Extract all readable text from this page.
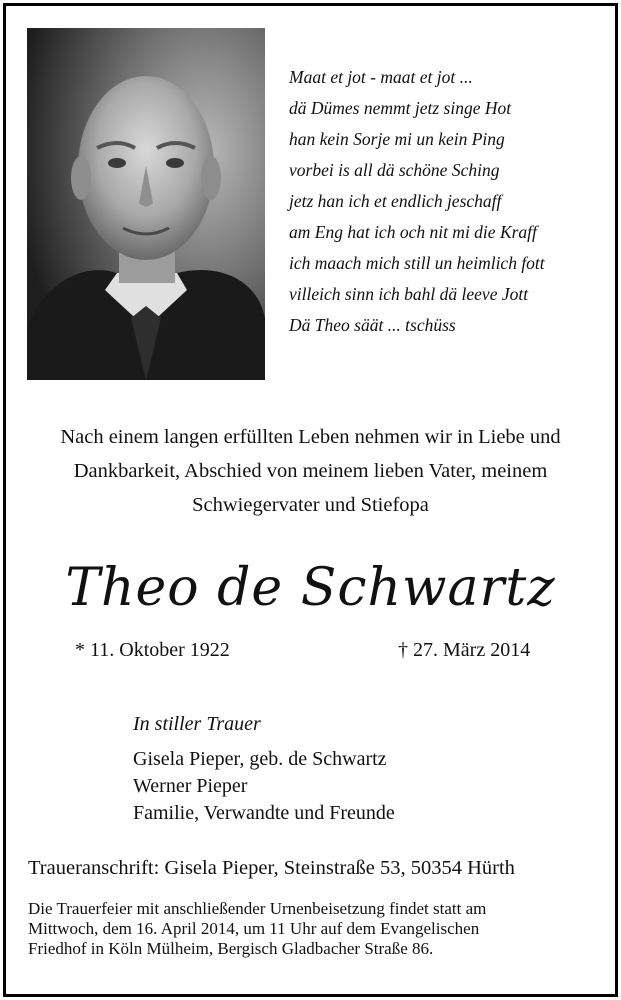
Maat et jot - maat et jot ...
dä Dümes nemmt jetz singe Hot
han kein Sorje mi un kein Ping
vorbei is all dä schöne Sching
jetz han ich et endlich jeschaff
am Eng hat ich och nit mi die Kraff
ich maach mich still un heimlich fott
villeich sinn ich bahl dä leeve Jott
Dä Theo säät ... tschüss
Nach einem langen erfüllten Leben nehmen wir in Liebe und
Dankbarkeit, Abschied von meinem lieben Vater, meinem
Schwiegervater und Stiefopa
Theo de Schwartz
* 11. Oktober 1922	† 27. März 2014
In stiller Trauer
Gisela Pieper, geb. de Schwartz
Werner Pieper
Familie, Verwandte und Freunde
Traueranschrift: Gisela Pieper, Steinstraße 53, 50354 Hürth
Die Trauerfeier mit anschließender Urnenbeisetzung findet statt am
Mittwoch, dem 16. April 2014, um 11 Uhr auf dem Evangelischen
Friedhof in Köln Mülheim, Bergisch Gladbacher Straße 86.
